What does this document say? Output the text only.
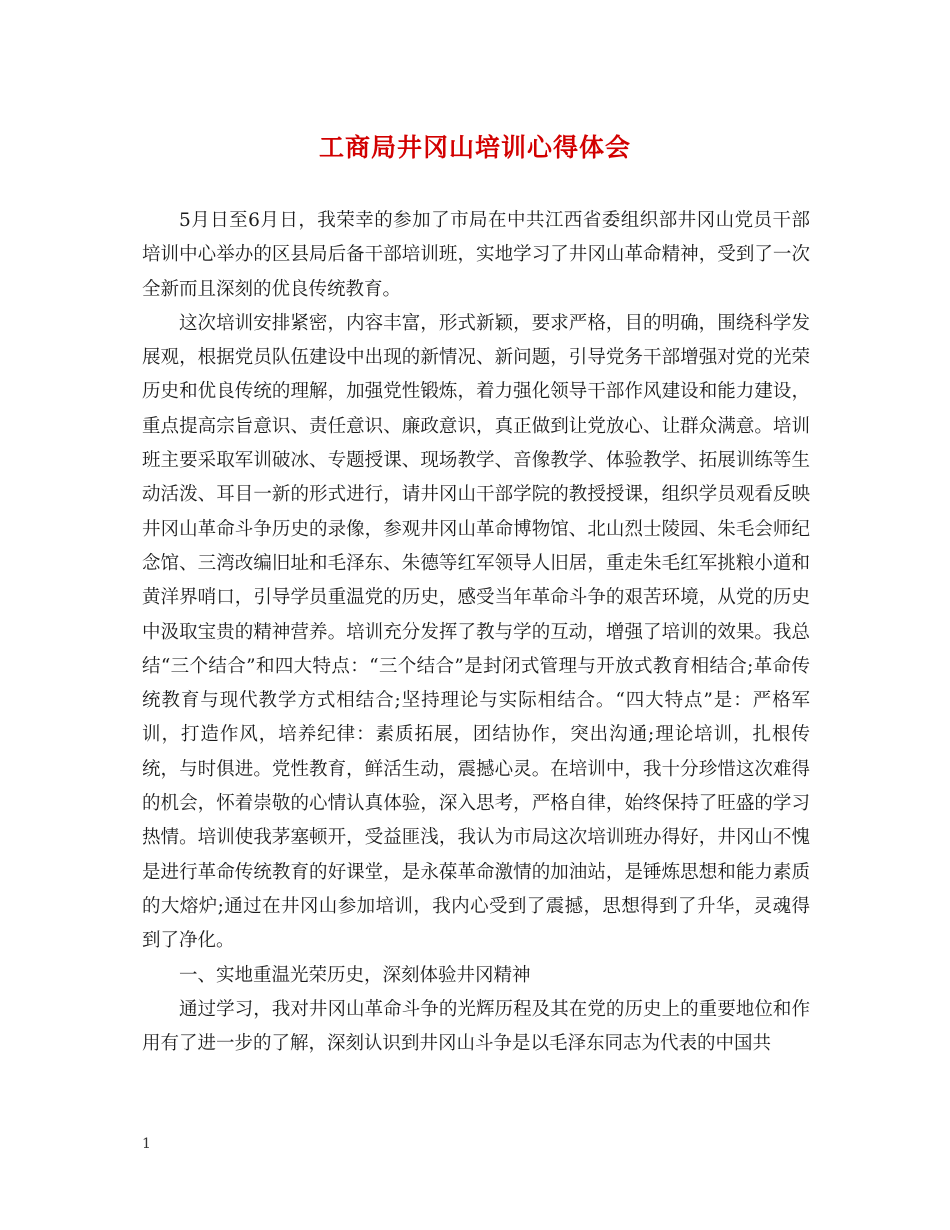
工商局井冈山培训心得体会

5月日至6月日，我荣幸的参加了市局在中共江西省委组织部井冈山党员干部培训中心举办的区县局后备干部培训班，实地学习了井冈山革命精神，受到了一次全新而且深刻的优良传统教育。

这次培训安排紧密，内容丰富，形式新颖，要求严格，目的明确，围绕科学发展观，根据党员队伍建设中出现的新情况、新问题，引导党务干部增强对党的光荣历史和优良传统的理解，加强党性锻炼，着力强化领导干部作风建设和能力建设，重点提高宗旨意识、责任意识、廉政意识，真正做到让党放心、让群众满意。培训班主要采取军训破冰、专题授课、现场教学、音像教学、体验教学、拓展训练等生动活泼、耳目一新的形式进行，请井冈山干部学院的教授授课，组织学员观看反映井冈山革命斗争历史的录像，参观井冈山革命博物馆、北山烈士陵园、朱毛会师纪念馆、三湾改编旧址和毛泽东、朱德等红军领导人旧居，重走朱毛红军挑粮小道和黄洋界哨口，引导学员重温党的历史，感受当年革命斗争的艰苦环境，从党的历史中汲取宝贵的精神营养。培训充分发挥了教与学的互动，增强了培训的效果。我总结“三个结合”和四大特点：“三个结合”是封闭式管理与开放式教育相结合;革命传统教育与现代教学方式相结合;坚持理论与实际相结合。“四大特点”是：严格军训，打造作风，培养纪律：素质拓展，团结协作，突出沟通;理论培训，扎根传统，与时俱进。党性教育，鲜活生动，震撼心灵。在培训中，我十分珍惜这次难得的机会，怀着崇敬的心情认真体验，深入思考，严格自律，始终保持了旺盛的学习热情。培训使我茅塞顿开，受益匪浅，我认为市局这次培训班办得好，井冈山不愧是进行革命传统教育的好课堂，是永葆革命激情的加油站，是锤炼思想和能力素质的大熔炉;通过在井冈山参加培训，我内心受到了震撼，思想得到了升华，灵魂得到了净化。

一、实地重温光荣历史，深刻体验井冈精神

通过学习，我对井冈山革命斗争的光辉历程及其在党的历史上的重要地位和作用有了进一步的了解，深刻认识到井冈山斗争是以毛泽东同志为代表的中国共

1
